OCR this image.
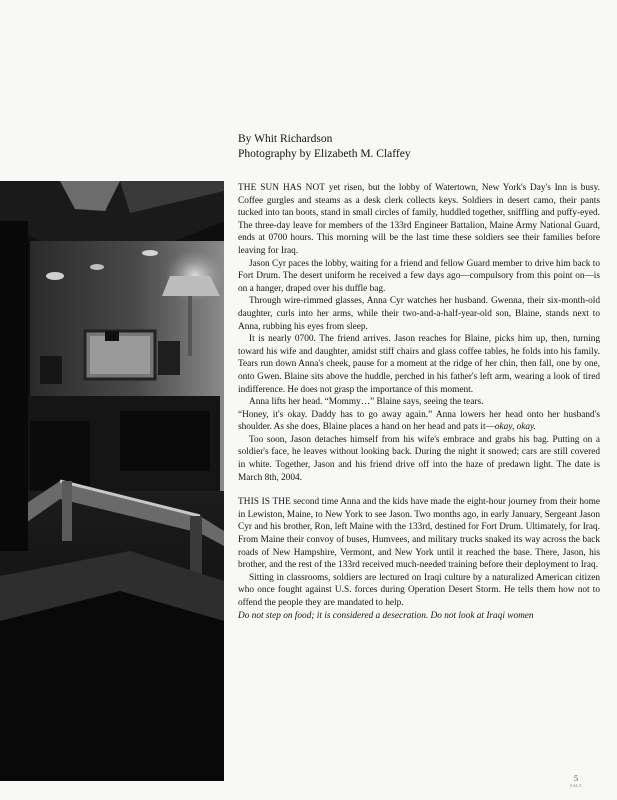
By Whit Richardson
Photography by Elizabeth M. Claffey

THE SUN HAS NOT yet risen, but the lobby of Watertown, New York's Day's Inn is busy. Coffee gurgles and steams as a desk clerk collects keys. Soldiers in desert camo, their pants tucked into tan boots, stand in small circles of family, huddled together, sniffling and puffy-eyed. The three-day leave for members of the 133rd Engineer Battalion, Maine Army National Guard, ends at 0700 hours. This morning will be the last time these soldiers see their families before leaving for Iraq.

Jason Cyr paces the lobby, waiting for a friend and fellow Guard member to drive him back to Fort Drum. The desert uniform he received a few days ago—compulsory from this point on—is on a hanger, draped over his duffle bag.

Through wire-rimmed glasses, Anna Cyr watches her husband. Gwenna, their six-month-old daughter, curls into her arms, while their two-and-a-half-year-old son, Blaine, stands next to Anna, rubbing his eyes from sleep.

It is nearly 0700. The friend arrives. Jason reaches for Blaine, picks him up, then, turning toward his wife and daughter, amidst stiff chairs and glass coffee tables, he folds into his family. Tears run down Anna's cheek, pause for a moment at the ridge of her chin, then fall, one by one, onto Gwen. Blaine sits above the huddle, perched in his father's left arm, wearing a look of tired indifference. He does not grasp the importance of this moment.

Anna lifts her head. “Mommy…” Blaine says, seeing the tears.

“Honey, it's okay. Daddy has to go away again.” Anna lowers her head onto her husband's shoulder. As she does, Blaine places a hand on her head and pats it—okay, okay.

Too soon, Jason detaches himself from his wife's embrace and grabs his bag. Putting on a soldier's face, he leaves without looking back. During the night it snowed; cars are still covered in white. Together, Jason and his friend drive off into the haze of predawn light. The date is March 8th, 2004.

THIS IS THE second time Anna and the kids have made the eight-hour journey from their home in Lewiston, Maine, to New York to see Jason. Two months ago, in early January, Sergeant Jason Cyr and his brother, Ron, left Maine with the 133rd, destined for Fort Drum. Ultimately, for Iraq. From Maine their convoy of buses, Humvees, and military trucks snaked its way across the back roads of New Hampshire, Vermont, and New York until it reached the base. There, Jason, his brother, and the rest of the 133rd received much-needed training before their deployment to Iraq.

Sitting in classrooms, soldiers are lectured on Iraqi culture by a naturalized American citizen who once fought against U.S. forces during Operation Desert Storm. He tells them how not to offend the people they are mandated to help.
Do not step on food; it is considered a desecration. Do not look at Iraqi women

5
SALT
